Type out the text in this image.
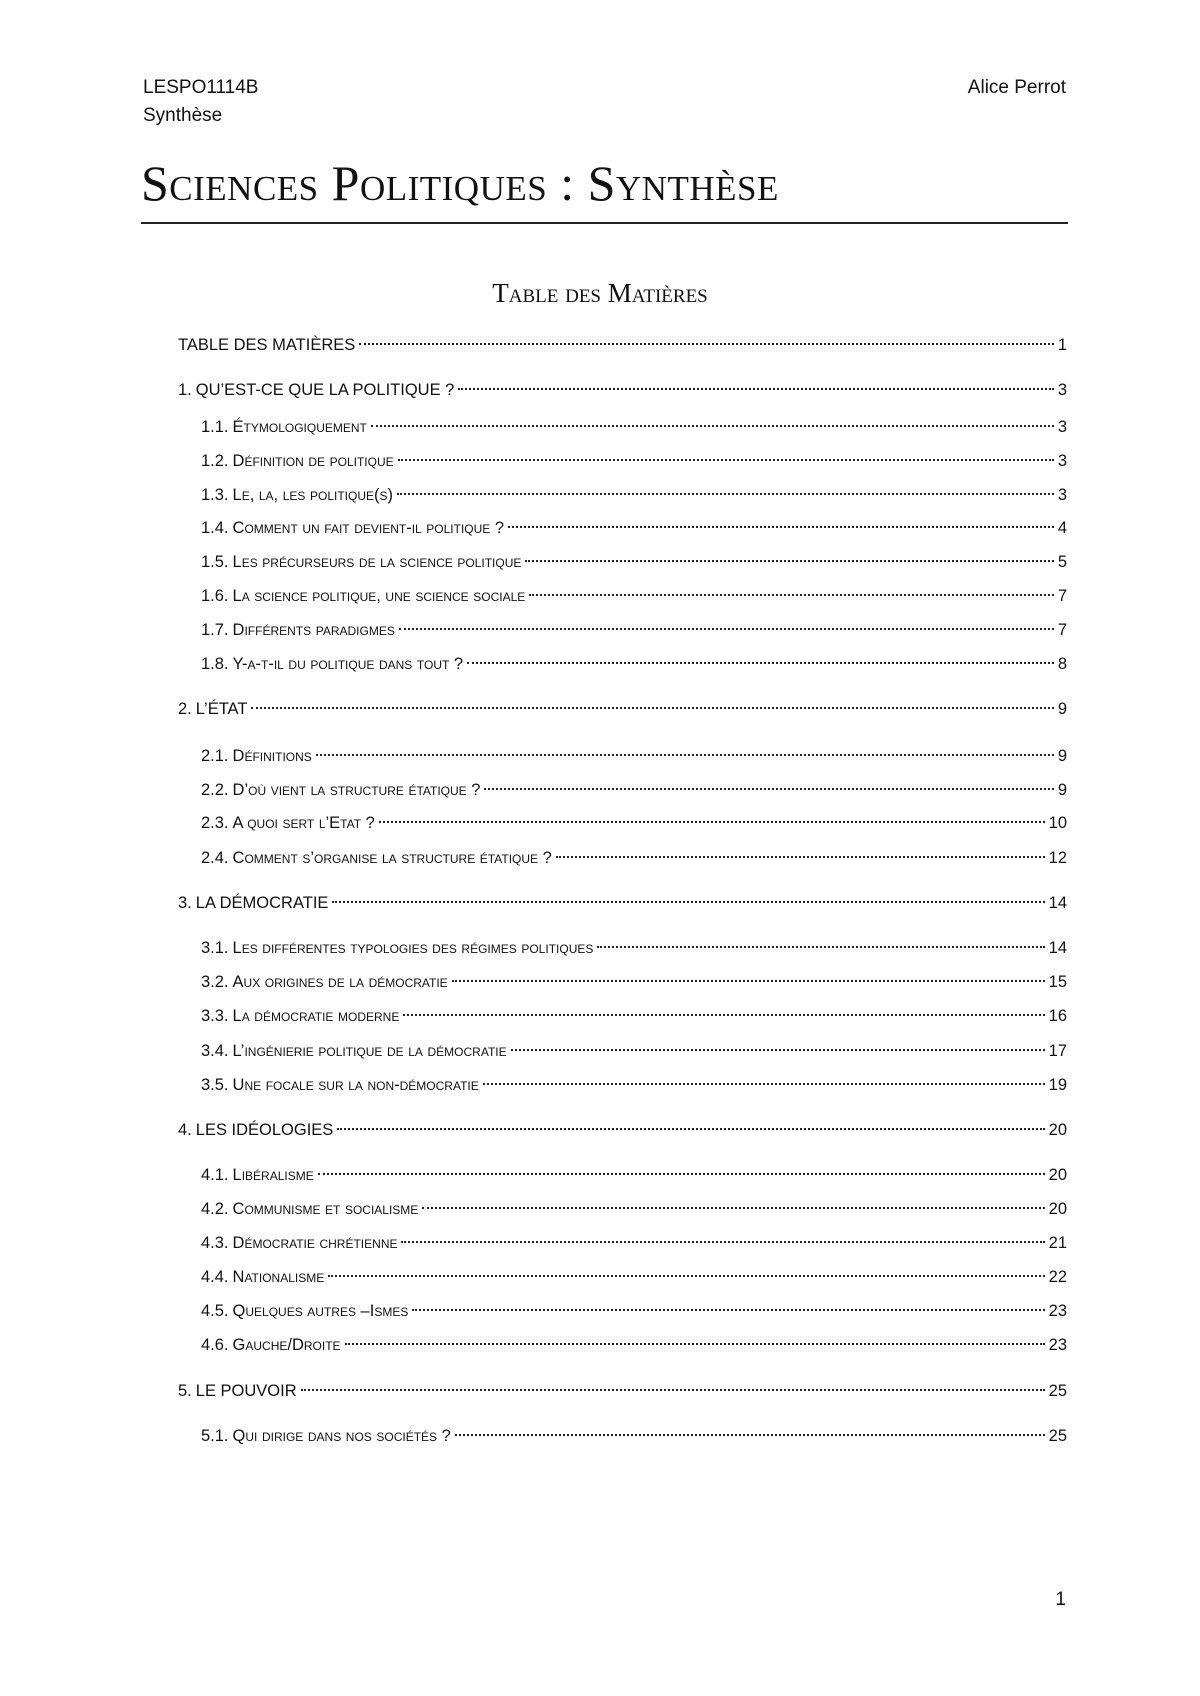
LESPO1114B
Synthèse
Alice Perrot
Sciences Politiques : Synthèse
Table des Matières
TABLE DES MATIÈRES	1
1. QU’EST-CE QUE LA POLITIQUE ?	3
1.1. Étymologiquement	3
1.2. Définition de politique	3
1.3. Le, la, les politique(s)	3
1.4. Comment un fait devient-il politique ?	4
1.5. Les précurseurs de la science politique	5
1.6. La science politique, une science sociale	7
1.7. Différents paradigmes	7
1.8. Y-a-t-il du politique dans tout ?	8
2. L’ÉTAT	9
2.1. Définitions	9
2.2. D’où vient la structure étatique ?	9
2.3. A quoi sert l’Etat ?	10
2.4. Comment s’organise la structure étatique ?	12
3. LA DÉMOCRATIE	14
3.1. Les différentes typologies des régimes politiques	14
3.2. Aux origines de la démocratie	15
3.3. La démocratie moderne	16
3.4. L’ingénierie politique de la démocratie	17
3.5. Une focale sur la non-démocratie	19
4. LES IDÉOLOGIES	20
4.1. Libéralisme	20
4.2. Communisme et socialisme	20
4.3. Démocratie chrétienne	21
4.4. Nationalisme	22
4.5. Quelques autres –Ismes	23
4.6. Gauche/Droite	23
5. LE POUVOIR	25
5.1. Qui dirige dans nos sociétés ?	25
1
